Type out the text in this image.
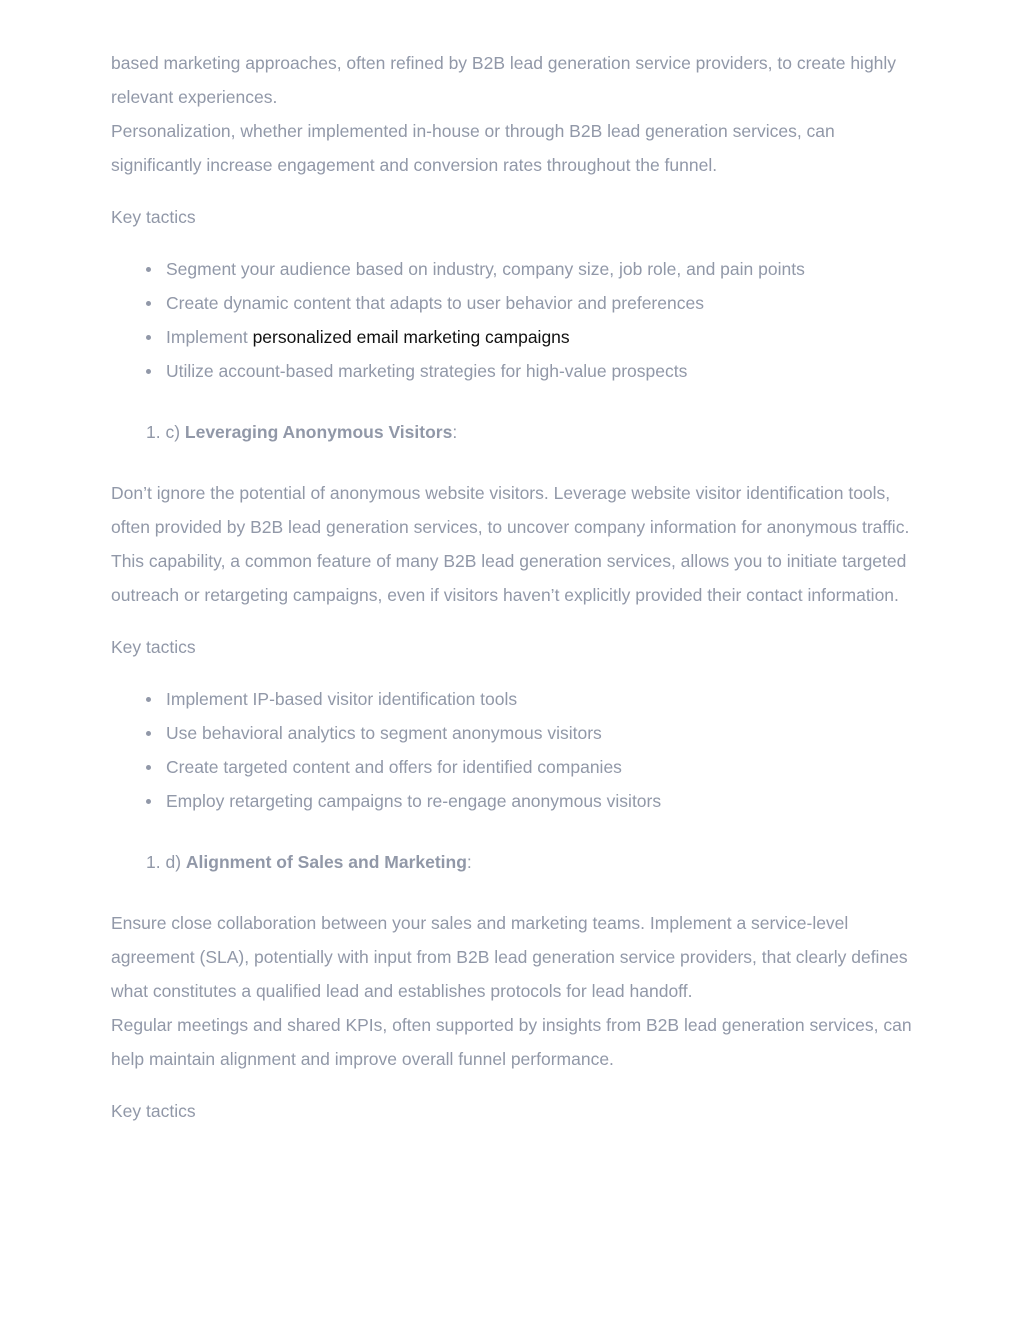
based marketing approaches, often refined by B2B lead generation service providers, to create highly relevant experiences.

Personalization, whether implemented in-house or through B2B lead generation services, can significantly increase engagement and conversion rates throughout the funnel.

Key tactics

Segment your audience based on industry, company size, job role, and pain points
Create dynamic content that adapts to user behavior and preferences
Implement personalized email marketing campaigns
Utilize account-based marketing strategies for high-value prospects

1. c) Leveraging Anonymous Visitors:

Don’t ignore the potential of anonymous website visitors. Leverage website visitor identification tools, often provided by B2B lead generation services, to uncover company information for anonymous traffic.

This capability, a common feature of many B2B lead generation services, allows you to initiate targeted outreach or retargeting campaigns, even if visitors haven’t explicitly provided their contact information.

Key tactics

Implement IP-based visitor identification tools
Use behavioral analytics to segment anonymous visitors
Create targeted content and offers for identified companies
Employ retargeting campaigns to re-engage anonymous visitors

1. d) Alignment of Sales and Marketing:

Ensure close collaboration between your sales and marketing teams. Implement a service-level agreement (SLA), potentially with input from B2B lead generation service providers, that clearly defines what constitutes a qualified lead and establishes protocols for lead handoff.

Regular meetings and shared KPIs, often supported by insights from B2B lead generation services, can help maintain alignment and improve overall funnel performance.

Key tactics
